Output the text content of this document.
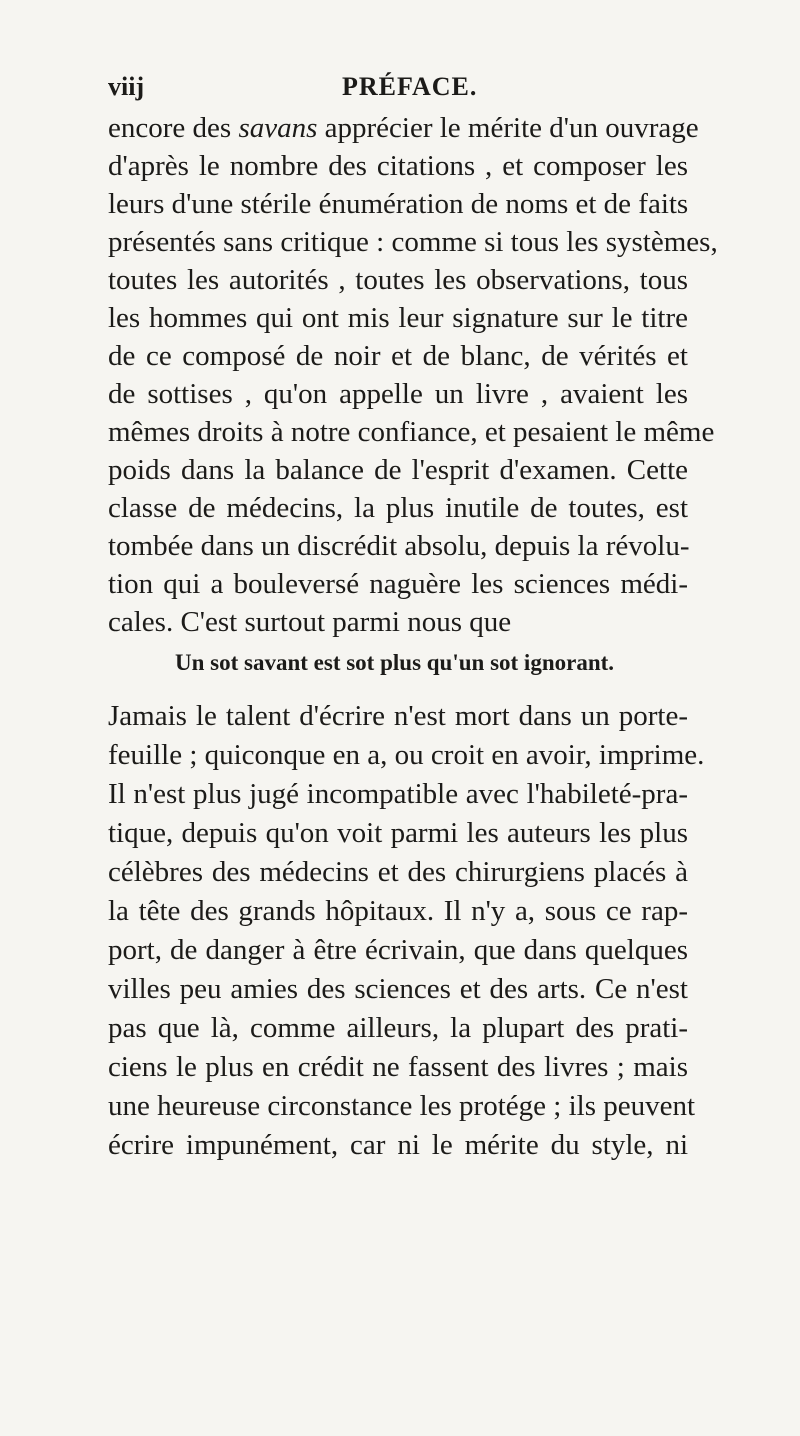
viij	PRÉFACE.
encore des savans apprécier le mérite d'un ouvrage
d'après le nombre des citations , et composer les
leurs d'une stérile énumération de noms et de faits
présentés sans critique : comme si tous les systèmes,
toutes les autorités , toutes les observations, tous
les hommes qui ont mis leur signature sur le titre
de ce composé de noir et de blanc, de vérités et
de sottises , qu'on appelle un livre , avaient les
mêmes droits à notre confiance, et pesaient le même
poids dans la balance de l'esprit d'examen. Cette
classe de médecins, la plus inutile de toutes, est
tombée dans un discrédit absolu, depuis la révolu-
tion qui a bouleversé naguère les sciences médi-
cales. C'est surtout parmi nous que
Un sot savant est sot plus qu'un sot ignorant.
Jamais le talent d'écrire n'est mort dans un porte-
feuille ; quiconque en a, ou croit en avoir, imprime.
Il n'est plus jugé incompatible avec l'habileté-pra-
tique, depuis qu'on voit parmi les auteurs les plus
célèbres des médecins et des chirurgiens placés à
la tête des grands hôpitaux. Il n'y a, sous ce rap-
port, de danger à être écrivain, que dans quelques
villes peu amies des sciences et des arts. Ce n'est
pas que là, comme ailleurs, la plupart des prati-
ciens le plus en crédit ne fassent des livres ; mais
une heureuse circonstance les protége ; ils peuvent
écrire impunément, car ni le mérite du style, ni
